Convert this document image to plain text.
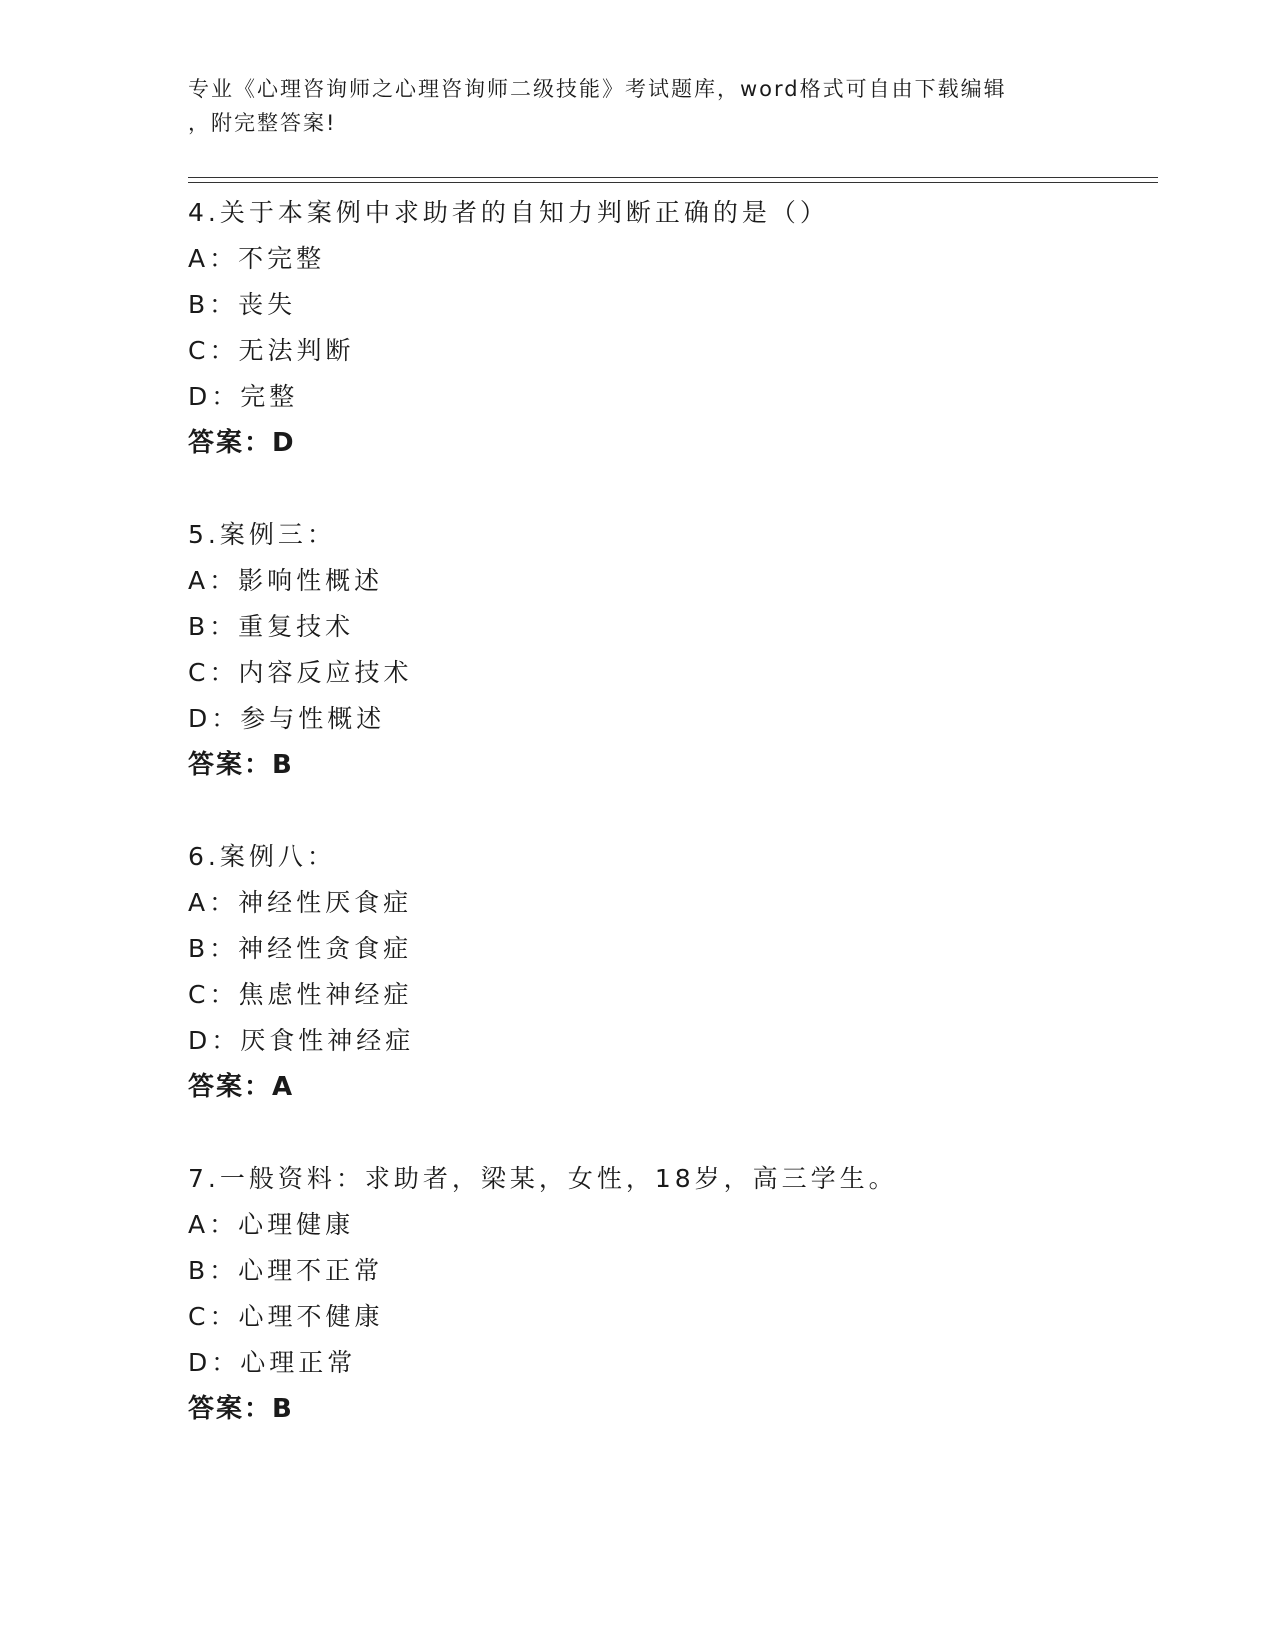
专业《心理咨询师之心理咨询师二级技能》考试题库，word格式可自由下载编辑
，附完整答案!
4.关于本案例中求助者的自知力判断正确的是（）
A：不完整
B：丧失
C：无法判断
D：完整
答案：D
5.案例三：
A：影响性概述
B：重复技术
C：内容反应技术
D：参与性概述
答案：B
6.案例八：
A：神经性厌食症
B：神经性贪食症
C：焦虑性神经症
D：厌食性神经症
答案：A
7.一般资料：求助者，梁某，女性，18岁，高三学生。
A：心理健康
B：心理不正常
C：心理不健康
D：心理正常
答案：B
